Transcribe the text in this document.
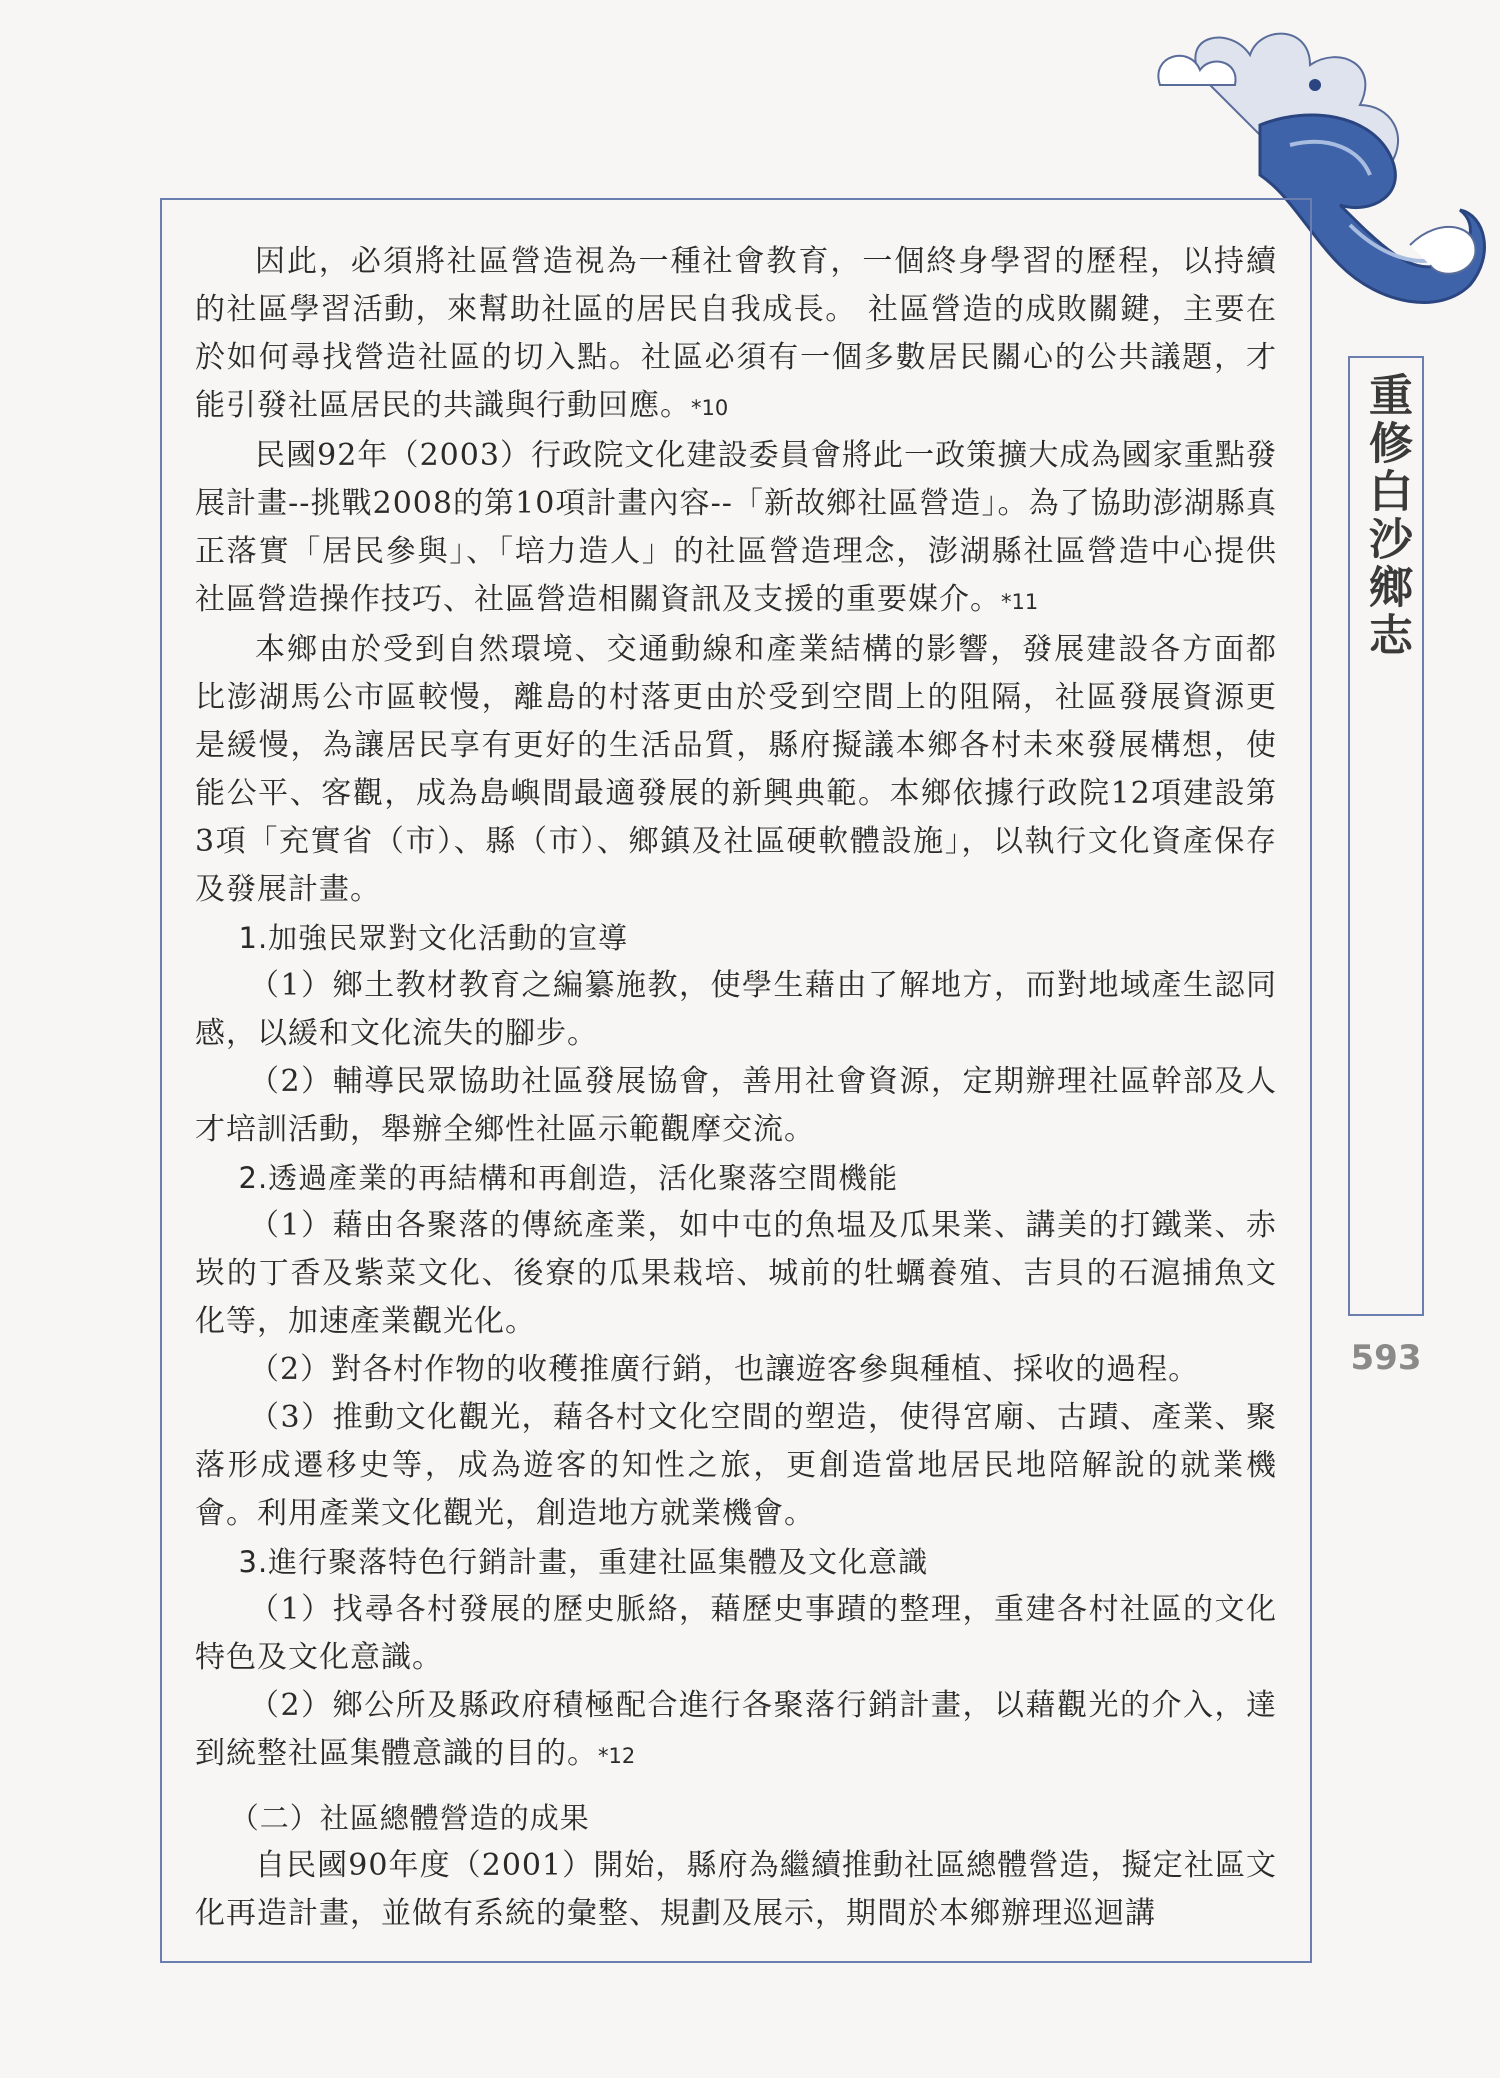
因此，必須將社區營造視為一種社會教育，一個終身學習的歷程，以持續的社區學習活動，來幫助社區的居民自我成長。 社區營造的成敗關鍵，主要在於如何尋找營造社區的切入點。社區必須有一個多數居民關心的公共議題，才能引發社區居民的共識與行動回應。*10

民國92年（2003）行政院文化建設委員會將此一政策擴大成為國家重點發展計畫--挑戰2008的第10項計畫內容--「新故鄉社區營造」。為了協助澎湖縣真正落實「居民參與」、「培力造人」的社區營造理念，澎湖縣社區營造中心提供社區營造操作技巧、社區營造相關資訊及支援的重要媒介。*11

本鄉由於受到自然環境、交通動線和產業結構的影響，發展建設各方面都比澎湖馬公市區較慢，離島的村落更由於受到空間上的阻隔，社區發展資源更是緩慢，為讓居民享有更好的生活品質，縣府擬議本鄉各村未來發展構想，使能公平、客觀，成為島嶼間最適發展的新興典範。本鄉依據行政院12項建設第3項「充實省（市）、縣（市）、鄉鎮及社區硬軟體設施」，以執行文化資產保存及發展計畫。

1.加強民眾對文化活動的宣導

（1）鄉土教材教育之編纂施教，使學生藉由了解地方，而對地域產生認同感，以緩和文化流失的腳步。

（2）輔導民眾協助社區發展協會，善用社會資源，定期辦理社區幹部及人才培訓活動，舉辦全鄉性社區示範觀摩交流。

2.透過產業的再結構和再創造，活化聚落空間機能

（1）藉由各聚落的傳統產業，如中屯的魚塭及瓜果業、講美的打鐵業、赤崁的丁香及紫菜文化、後寮的瓜果栽培、城前的牡蠣養殖、吉貝的石滬捕魚文化等，加速產業觀光化。

（2）對各村作物的收穫推廣行銷，也讓遊客參與種植、採收的過程。

（3）推動文化觀光，藉各村文化空間的塑造，使得宮廟、古蹟、產業、聚落形成遷移史等，成為遊客的知性之旅，更創造當地居民地陪解說的就業機會。利用產業文化觀光，創造地方就業機會。

3.進行聚落特色行銷計畫，重建社區集體及文化意識

（1）找尋各村發展的歷史脈絡，藉歷史事蹟的整理，重建各村社區的文化特色及文化意識。

（2）鄉公所及縣政府積極配合進行各聚落行銷計畫，以藉觀光的介入，達到統整社區集體意識的目的。*12

（二）社區總體營造的成果

自民國90年度（2001）開始，縣府為繼續推動社區總體營造，擬定社區文化再造計畫，並做有系統的彙整、規劃及展示，期間於本鄉辦理巡迴講

重修白沙鄉志
593
